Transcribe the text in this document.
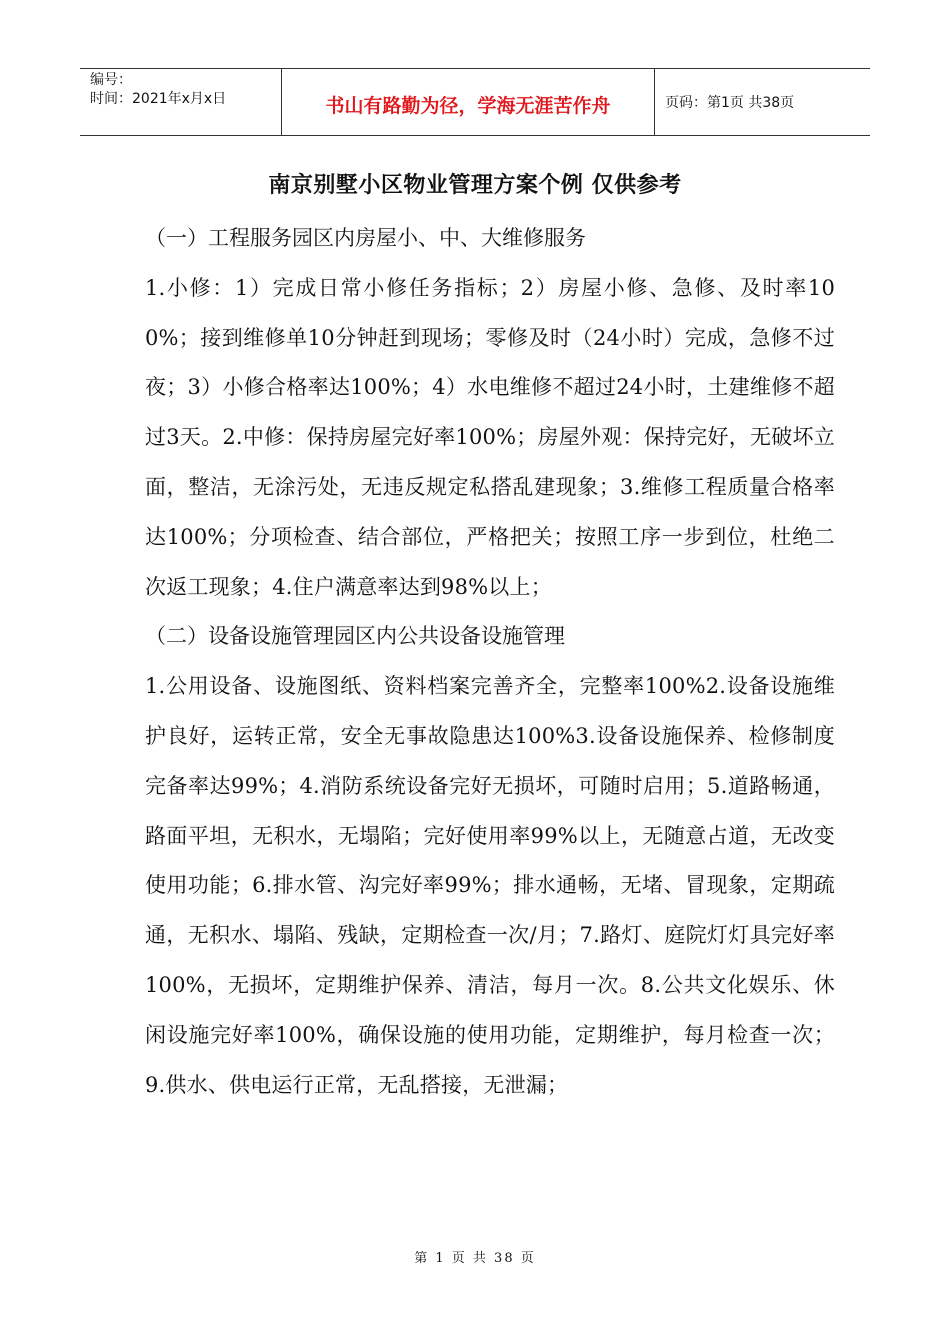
编号：
时间：2021年x月x日	书山有路勤为径，学海无涯苦作舟	页码：第1页 共38页
南京别墅小区物业管理方案个例 仅供参考

（一）工程服务园区内房屋小、中、大维修服务

1.小修：1）完成日常小修任务指标；2）房屋小修、急修、及时率100%；接到维修单10分钟赶到现场；零修及时（24小时）完成，急修不过夜；3）小修合格率达100%；4）水电维修不超过24小时，土建维修不超过3天。2.中修：保持房屋完好率100%；房屋外观：保持完好，无破坏立面，整洁，无涂污处，无违反规定私搭乱建现象；3.维修工程质量合格率达100%；分项检查、结合部位，严格把关；按照工序一步到位，杜绝二次返工现象；4.住户满意率达到98%以上；

（二）设备设施管理园区内公共设备设施管理

1.公用设备、设施图纸、资料档案完善齐全，完整率100%2.设备设施维护良好，运转正常，安全无事故隐患达100%3.设备设施保养、检修制度完备率达99%；4.消防系统设备完好无损坏，可随时启用；5.道路畅通，路面平坦，无积水，无塌陷；完好使用率99%以上，无随意占道，无改变使用功能；6.排水管、沟完好率99%；排水通畅，无堵、冒现象，定期疏通，无积水、塌陷、残缺，定期检查一次/月；7.路灯、庭院灯灯具完好率100%，无损坏，定期维护保养、清洁，每月一次。8.公共文化娱乐、休闲设施完好率100%，确保设施的使用功能，定期维护，每月检查一次；9.供水、供电运行正常，无乱搭接，无泄漏；

第 1 页 共 38 页
